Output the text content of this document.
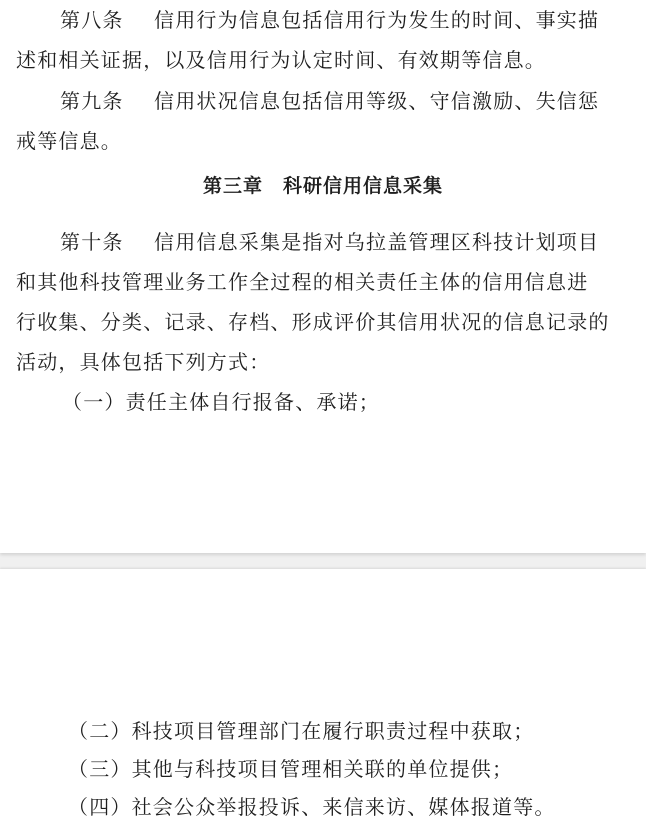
第八条 信用行为信息包括信用行为发生的时间、事实描
述和相关证据，以及信用行为认定时间、有效期等信息。
第九条 信用状况信息包括信用等级、守信激励、失信惩
戒等信息。
第三章　科研信用信息采集
第十条 信用信息采集是指对乌拉盖管理区科技计划项目
和其他科技管理业务工作全过程的相关责任主体的信用信息进
行收集、分类、记录、存档、形成评价其信用状况的信息记录的
活动，具体包括下列方式：
（一）责任主体自行报备、承诺；
（二）科技项目管理部门在履行职责过程中获取；
（三）其他与科技项目管理相关联的单位提供；
（四）社会公众举报投诉、来信来访、媒体报道等。
